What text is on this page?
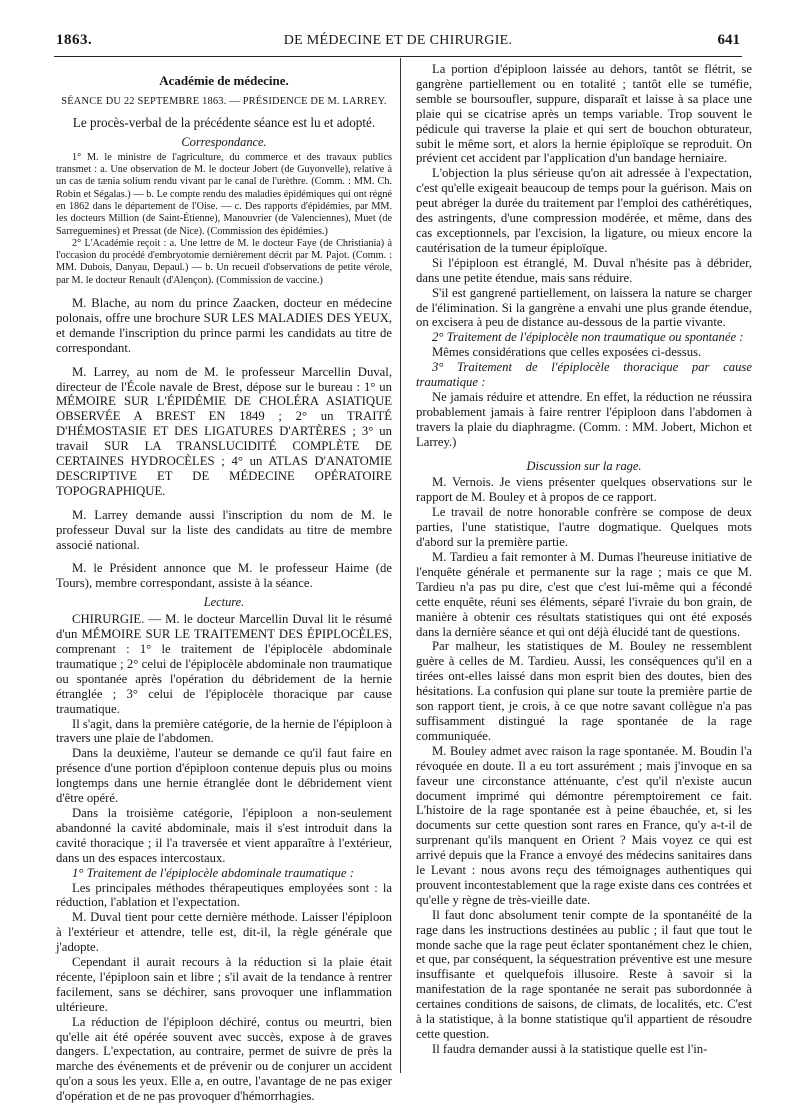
1863.	DE MÉDECINE ET DE CHIRURGIE.	641

Académie de médecine.

SÉANCE DU 22 SEPTEMBRE 1863. — PRÉSIDENCE DE M. LARREY.

Le procès-verbal de la précédente séance est lu et adopté.

Correspondance.

1° M. le ministre de l'agriculture, du commerce et des travaux publics transmet : a. Une observation de M. le docteur Jobert (de Guyonvelle), relative à un cas de tænia solium rendu vivant par le canal de l'urèthre. (Comm. : MM. Ch. Robin et Ségalas.) — b. Le compte rendu des maladies épidémiques qui ont régné en 1862 dans le département de l'Oise. — c. Des rapports d'épidémies, par MM. les docteurs Million (de Saint-Étienne), Manouvrier (de Valenciennes), Muet (de Sarreguemines) et Pressat (de Nice). (Commission des épidémies.)

2° L'Académie reçoit : a. Une lettre de M. le docteur Faye (de Christiania) à l'occasion du procédé d'embryotomie dernièrement décrit par M. Pajot. (Comm. : MM. Dubois, Danyau, Depaul.) — b. Un recueil d'observations de petite vérole, par M. le docteur Renault (d'Alençon). (Commission de vaccine.)

M. Blache, au nom du prince Zaacken, docteur en médecine polonais, offre une brochure SUR LES MALADIES DES YEUX, et demande l'inscription du prince parmi les candidats au titre de correspondant.

M. Larrey, au nom de M. le professeur Marcellin Duval, directeur de l'École navale de Brest, dépose sur le bureau : 1° un MÉMOIRE SUR L'ÉPIDÉMIE DE CHOLÉRA ASIATIQUE OBSERVÉE A BREST EN 1849 ; 2° un TRAITÉ D'HÉMOSTASIE ET DES LIGATURES D'ARTÈRES ; 3° un travail SUR LA TRANSLUCIDITÉ COMPLÈTE DE CERTAINES HYDROCÈLES ; 4° un ATLAS D'ANATOMIE DESCRIPTIVE ET DE MÉDECINE OPÉRATOIRE TOPOGRAPHIQUE.

M. Larrey demande aussi l'inscription du nom de M. le professeur Duval sur la liste des candidats au titre de membre associé national.

M. le Président annonce que M. le professeur Haime (de Tours), membre correspondant, assiste à la séance.

Lecture.

CHIRURGIE. — M. le docteur Marcellin Duval lit le résumé d'un MÉMOIRE SUR LE TRAITEMENT DES ÉPIPLOCÈLES, comprenant : 1° le traitement de l'épiplocèle abdominale traumatique ; 2° celui de l'épiplocèle abdominale non traumatique ou spontanée après l'opération du débridement de la hernie étranglée ; 3° celui de l'épiplocèle thoracique par cause traumatique.

Il s'agit, dans la première catégorie, de la hernie de l'épiploon à travers une plaie de l'abdomen.

Dans la deuxième, l'auteur se demande ce qu'il faut faire en présence d'une portion d'épiploon contenue depuis plus ou moins longtemps dans une hernie étranglée dont le débridement vient d'être opéré.

Dans la troisième catégorie, l'épiploon a non-seulement abandonné la cavité abdominale, mais il s'est introduit dans la cavité thoracique ; il l'a traversée et vient apparaître à l'extérieur, dans un des espaces intercostaux.

1° Traitement de l'épiplocèle abdominale traumatique :

Les principales méthodes thérapeutiques employées sont : la réduction, l'ablation et l'expectation.

M. Duval tient pour cette dernière méthode. Laisser l'épiploon à l'extérieur et attendre, telle est, dit-il, la règle générale que j'adopte.

Cependant il aurait recours à la réduction si la plaie était récente, l'épiploon sain et libre ; s'il avait de la tendance à rentrer facilement, sans se déchirer, sans provoquer une inflammation ultérieure.

La réduction de l'épiploon déchiré, contus ou meurtri, bien qu'elle ait été opérée souvent avec succès, expose à de graves dangers. L'expectation, au contraire, permet de suivre de près la marche des événements et de prévenir ou de conjurer un accident qu'on a sous les yeux. Elle a, en outre, l'avantage de ne pas exiger d'opération et de ne pas provoquer d'hémorrhagies.

La portion d'épiploon laissée au dehors, tantôt se flétrit, se gangrène partiellement ou en totalité ; tantôt elle se tuméfie, semble se boursoufler, suppure, disparaît et laisse à sa place une plaie qui se cicatrise après un temps variable. Trop souvent le pédicule qui traverse la plaie et qui sert de bouchon obturateur, subit le même sort, et alors la hernie épiploïque se reproduit. On prévient cet accident par l'application d'un bandage herniaire.

L'objection la plus sérieuse qu'on ait adressée à l'expectation, c'est qu'elle exigeait beaucoup de temps pour la guérison. Mais on peut abréger la durée du traitement par l'emploi des cathérétiques, des astringents, d'une compression modérée, et même, dans des cas exceptionnels, par l'excision, la ligature, ou mieux encore la cautérisation de la tumeur épiploïque.

Si l'épiploon est étranglé, M. Duval n'hésite pas à débrider, dans une petite étendue, mais sans réduire.

S'il est gangrené partiellement, on laissera la nature se charger de l'élimination. Si la gangrène a envahi une plus grande étendue, on excisera à peu de distance au-dessous de la partie vivante.

2° Traitement de l'épiplocèle non traumatique ou spontanée :

Mêmes considérations que celles exposées ci-dessus.

3° Traitement de l'épiplocèle thoracique par cause traumatique :

Ne jamais réduire et attendre. En effet, la réduction ne réussira probablement jamais à faire rentrer l'épiploon dans l'abdomen à travers la plaie du diaphragme. (Comm. : MM. Jobert, Michon et Larrey.)

Discussion sur la rage.

M. Vernois. Je viens présenter quelques observations sur le rapport de M. Bouley et à propos de ce rapport.

Le travail de notre honorable confrère se compose de deux parties, l'une statistique, l'autre dogmatique. Quelques mots d'abord sur la première partie.

M. Tardieu a fait remonter à M. Dumas l'heureuse initiative de l'enquête générale et permanente sur la rage ; mais ce que M. Tardieu n'a pas pu dire, c'est que c'est lui-même qui a fécondé cette enquête, réuni ses éléments, séparé l'ivraie du bon grain, de manière à obtenir ces résultats statistiques qui ont été exposés dans la dernière séance et qui ont déjà élucidé tant de questions.

Par malheur, les statistiques de M. Bouley ne ressemblent guère à celles de M. Tardieu. Aussi, les conséquences qu'il en a tirées ont-elles laissé dans mon esprit bien des doutes, bien des hésitations. La confusion qui plane sur toute la première partie de son rapport tient, je crois, à ce que notre savant collègue n'a pas suffisamment distingué la rage spontanée de la rage communiquée.

M. Bouley admet avec raison la rage spontanée. M. Boudin l'a révoquée en doute. Il a eu tort assurément ; mais j'invoque en sa faveur une circonstance atténuante, c'est qu'il n'existe aucun document imprimé qui démontre péremptoirement ce fait. L'histoire de la rage spontanée est à peine ébauchée, et, si les documents sur cette question sont rares en France, qu'y a-t-il de surprenant qu'ils manquent en Orient ? Mais voyez ce qui est arrivé depuis que la France a envoyé des médecins sanitaires dans le Levant : nous avons reçu des témoignages authentiques qui prouvent incontestablement que la rage existe dans ces contrées et qu'elle y règne de très-vieille date.

Il faut donc absolument tenir compte de la spontanéité de la rage dans les instructions destinées au public ; il faut que tout le monde sache que la rage peut éclater spontanément chez le chien, et que, par conséquent, la séquestration préventive est une mesure insuffisante et quelquefois illusoire. Reste à savoir si la manifestation de la rage spontanée ne serait pas subordonnée à certaines conditions de saisons, de climats, de localités, etc. C'est à la statistique, à la bonne statistique qu'il appartient de résoudre cette question.

Il faudra demander aussi à la statistique quelle est l'in-
